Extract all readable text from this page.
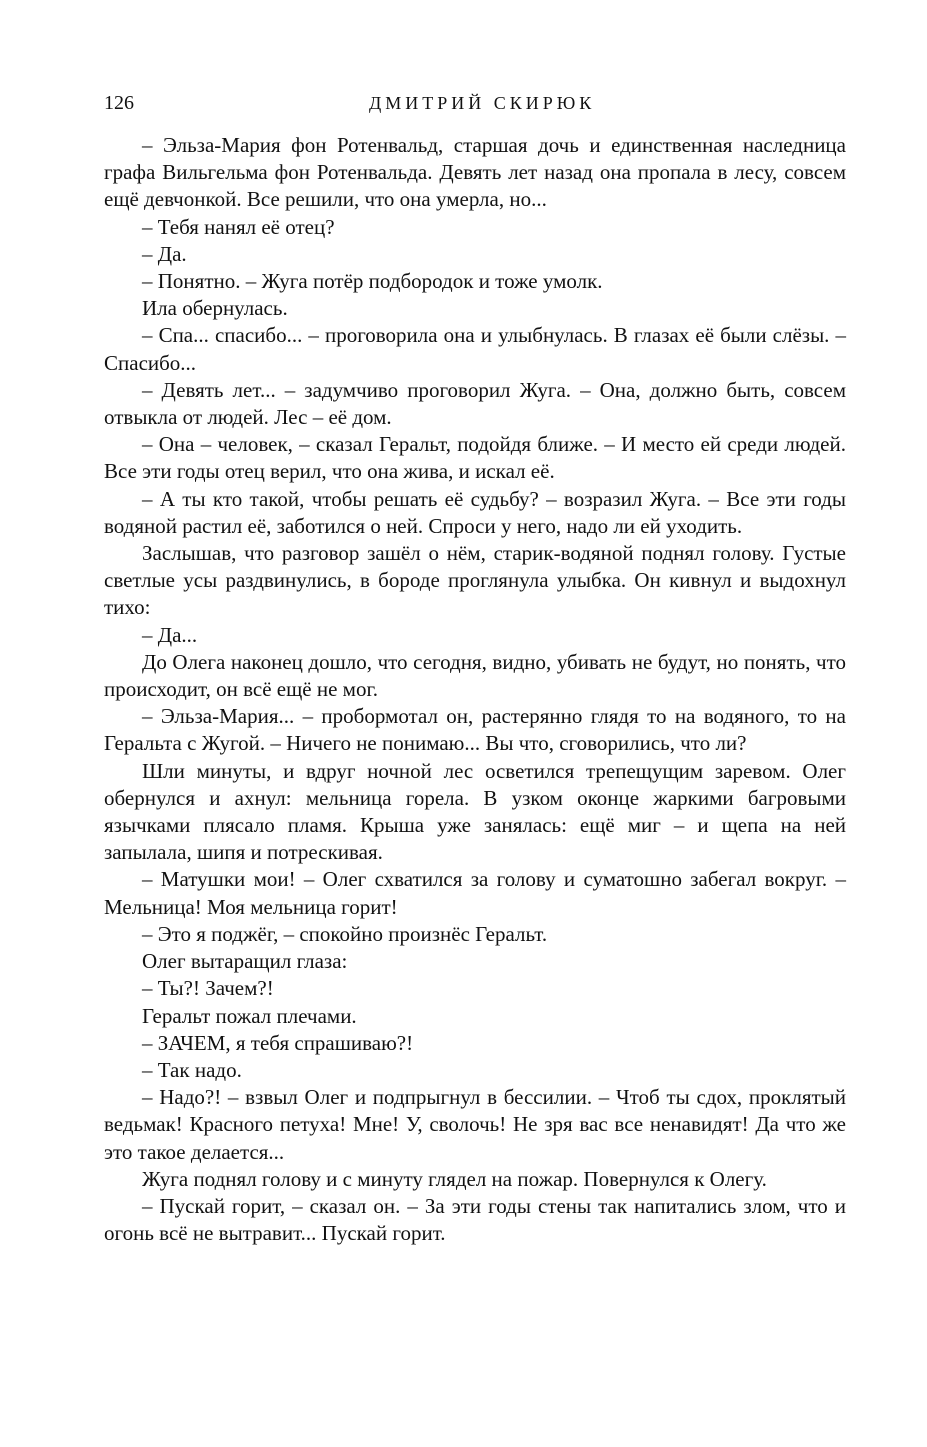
126	ДМИТРИЙ СКИРЮК

– Эльза-Мария фон Ротенвальд, старшая дочь и единственная наследница графа Вильгельма фон Ротенвальда. Девять лет назад она пропала в лесу, совсем ещё девчонкой. Все решили, что она умерла, но...

– Тебя нанял её отец?

– Да.

– Понятно. – Жуга потёр подбородок и тоже умолк.

Ила обернулась.

– Спа... спасибо... – проговорила она и улыбнулась. В глазах её были слёзы. – Спасибо...

– Девять лет... – задумчиво проговорил Жуга. – Она, должно быть, совсем отвыкла от людей. Лес – её дом.

– Она – человек, – сказал Геральт, подойдя ближе. – И место ей среди людей. Все эти годы отец верил, что она жива, и искал её.

– А ты кто такой, чтобы решать её судьбу? – возразил Жуга. – Все эти годы водяной растил её, заботился о ней. Спроси у него, надо ли ей уходить.

Заслышав, что разговор зашёл о нём, старик-водяной поднял голову. Густые светлые усы раздвинулись, в бороде проглянула улыбка. Он кивнул и выдохнул тихо:

– Да...

До Олега наконец дошло, что сегодня, видно, убивать не будут, но понять, что происходит, он всё ещё не мог.

– Эльза-Мария... – пробормотал он, растерянно глядя то на водяного, то на Геральта с Жугой. – Ничего не понимаю... Вы что, сговорились, что ли?

Шли минуты, и вдруг ночной лес осветился трепещущим заревом. Олег обернулся и ахнул: мельница горела. В узком оконце жаркими багровыми язычками плясало пламя. Крыша уже занялась: ещё миг – и щепа на ней запылала, шипя и потрескивая.

– Матушки мои! – Олег схватился за голову и суматошно забегал вокруг. – Мельница! Моя мельница горит!

– Это я поджёг, – спокойно произнёс Геральт.

Олег вытаращил глаза:

– Ты?! Зачем?!

Геральт пожал плечами.

– ЗАЧЕМ, я тебя спрашиваю?!

– Так надо.

– Надо?! – взвыл Олег и подпрыгнул в бессилии. – Чтоб ты сдох, проклятый ведьмак! Красного петуха! Мне! У, сволочь! Не зря вас все ненавидят! Да что же это такое делается...

Жуга поднял голову и с минуту глядел на пожар. Повернулся к Олегу.

– Пускай горит, – сказал он. – За эти годы стены так напитались злом, что и огонь всё не вытравит... Пускай горит.
